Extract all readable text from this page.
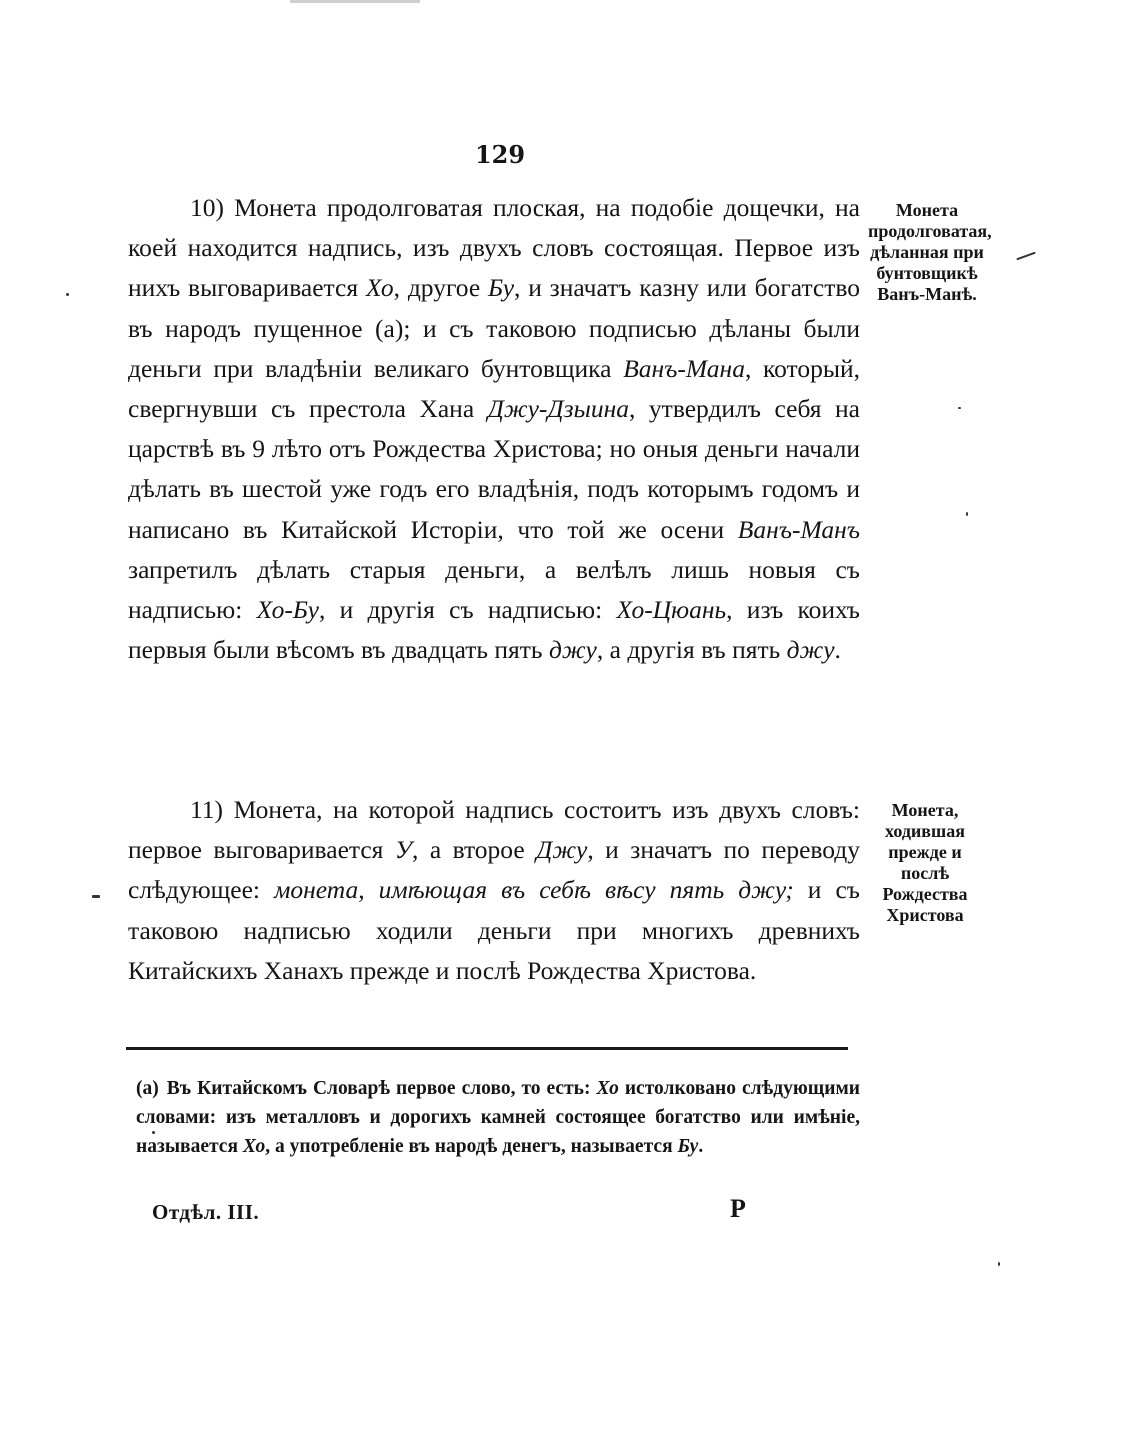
129

10) Монета продолговатая плоская, на подобіе дощечки, на коей находится надпись, изъ двухъ словъ состоящая. Первое изъ нихъ выговаривается Хо, другое Бу, и значатъ казну или богатство въ народъ пущенное (а); и съ таковою подписью дѣланы были деньги при владѣніи великаго бунтовщика Ванъ-Мана, который, свергнувши съ престола Хана Джу-Дзыина, утвердилъ себя на царствѣ въ 9 лѣто отъ Рождества Христова; но оныя деньги начали дѣлать въ шестой уже годъ его владѣнія, подъ которымъ годомъ и написано въ Китайской Исторіи, что той же осени Ванъ-Манъ запретилъ дѣлать старыя деньги, а велѣлъ лишь новыя съ надписью: Хо-Бу, и другія съ надписью: Хо-Цюань, изъ коихъ первыя были вѣсомъ въ двадцать пять джу, а другія въ пять джу.

Монета продолговатая, дѣланная при бунтовщикѣ Ванъ-Манѣ.

11) Монета, на которой надпись состоитъ изъ двухъ словъ: первое выговаривается У, а второе Джу, и значатъ по переводу слѣдующее: монета, имѣющая въ себѣ вѣсу пять джу; и съ таковою надписью ходили деньги при многихъ древнихъ Китайскихъ Ханахъ прежде и послѣ Рождества Христова.

Монета, ходившая прежде и послѣ Рождества Христова
(а) Въ Китайскомъ Словарѣ первое слово, то есть: Хо истолковано слѣдующими словами: изъ металловъ и дорогихъ камней состоящее богатство или имѣніе, называется Хо, а употребленіе въ народѣ денегъ, называется Бу.
Отдѣл. III.	Р
